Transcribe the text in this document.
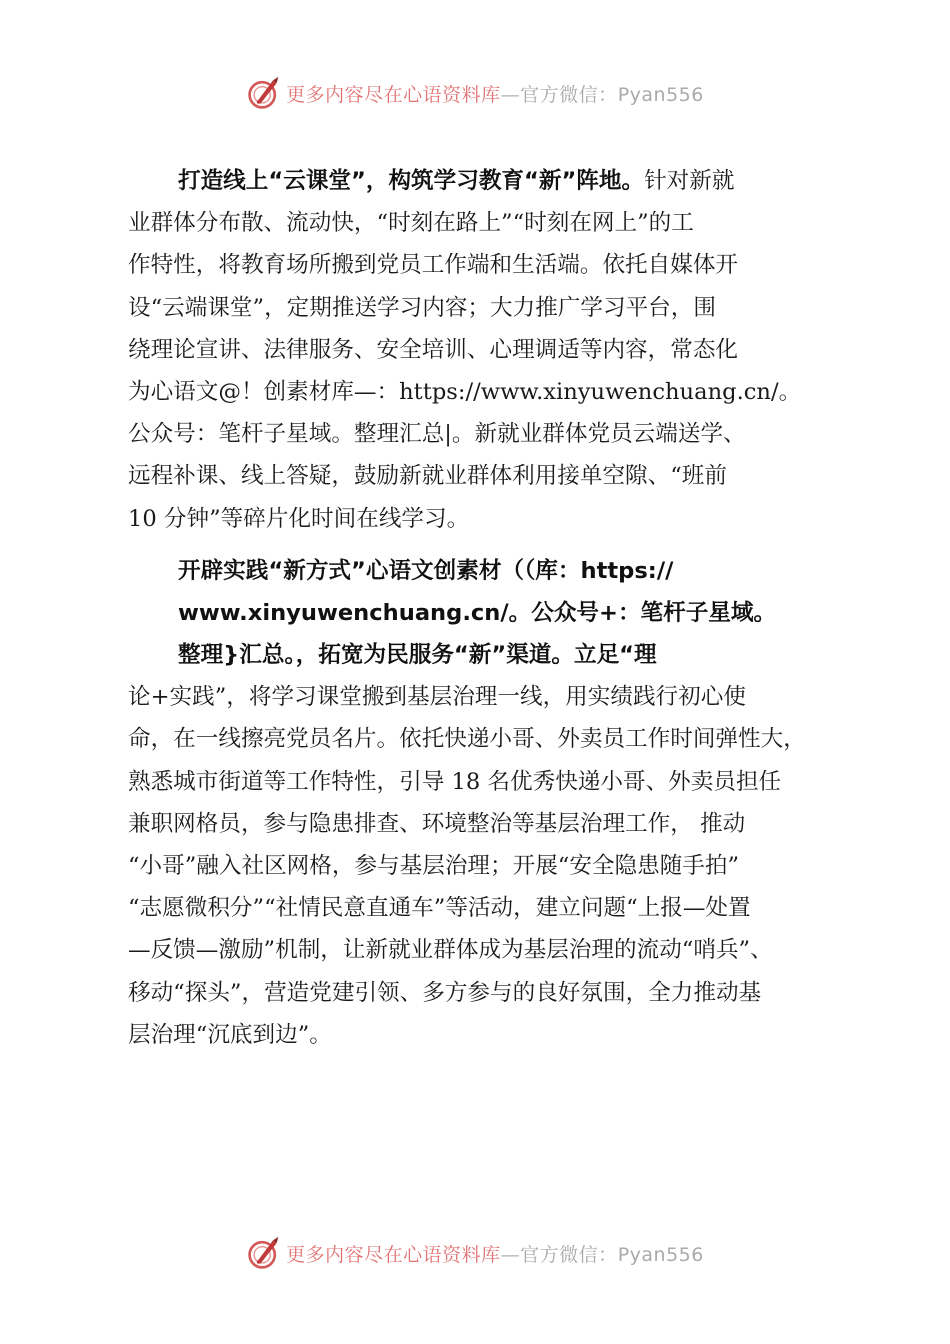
更多内容尽在心语资料库—官方微信：Pyan556
打造线上“云课堂”，构筑学习教育“新”阵地。针对新就
业群体分布散、流动快，“时刻在路上”“时刻在网上”的工
作特性，将教育场所搬到党员工作端和生活端。依托自媒体开
设“云端课堂”，定期推送学习内容；大力推广学习平台，围
绕理论宣讲、法律服务、安全培训、心理调适等内容，常态化
为心语文@！创素材库—：https://www.xinyuwenchuang.cn/。
公众号：笔杆子星域。整理汇总|。新就业群体党员云端送学、
远程补课、线上答疑，鼓励新就业群体利用接单空隙、“班前
10 分钟”等碎片化时间在线学习。
开辟实践“新方式”心语文创素材（（库：https://
www.xinyuwenchuang.cn/。公众号+：笔杆子星域。
整理}汇总。，拓宽为民服务“新”渠道。立足“理
论+实践”，将学习课堂搬到基层治理一线，用实绩践行初心使
命，在一线擦亮党员名片。依托快递小哥、外卖员工作时间弹性大，
熟悉城市街道等工作特性，引导 18 名优秀快递小哥、外卖员担任
兼职网格员，参与隐患排查、环境整治等基层治理工作， 推动
“小哥”融入社区网格，参与基层治理；开展“安全隐患随手拍”
“志愿微积分”“社情民意直通车”等活动，建立问题“上报—处置
—反馈—激励”机制，让新就业群体成为基层治理的流动“哨兵”、
移动“探头”，营造党建引领、多方参与的良好氛围，全力推动基
层治理“沉底到边”。
更多内容尽在心语资料库—官方微信：Pyan556
